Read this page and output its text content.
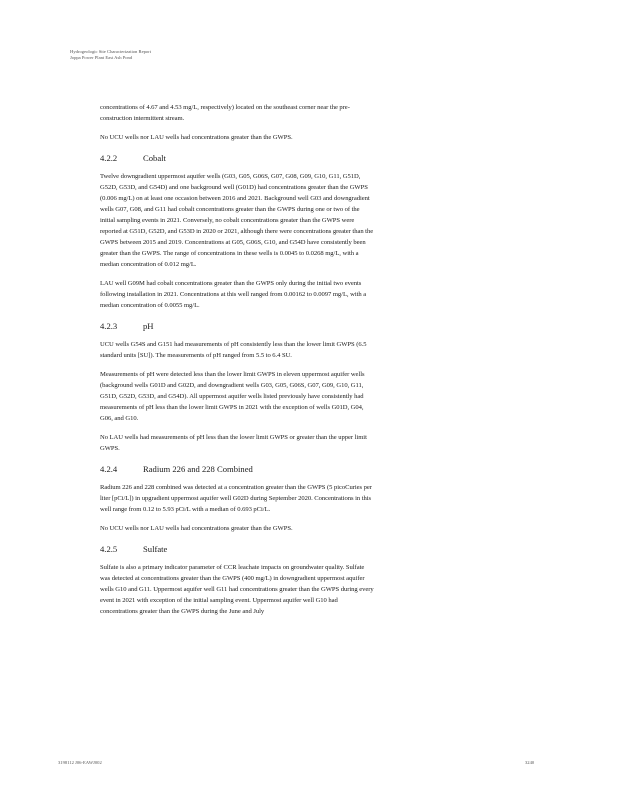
Hydrogeologic Site Characterization Report
Joppa Power Plant East Ash Pond

concentrations of 4.67 and 4.53 mg/L, respectively) located on the southeast corner near the pre-construction intermittent stream.

No UCU wells nor LAU wells had concentrations greater than the GWPS.

4.2.2	Cobalt

Twelve downgradient uppermost aquifer wells (G03, G05, G06S, G07, G08, G09, G10, G11, G51D, G52D, G53D, and G54D) and one background well (G01D) had concentrations greater than the GWPS (0.006 mg/L) on at least one occasion between 2016 and 2021. Background well G03 and downgradient wells G07, G08, and G11 had cobalt concentrations greater than the GWPS during one or two of the initial sampling events in 2021. Conversely, no cobalt concentrations greater than the GWPS were reported at G51D, G52D, and G53D in 2020 or 2021, although there were concentrations greater than the GWPS between 2015 and 2019. Concentrations at G05, G06S, G10, and G54D have consistently been greater than the GWPS. The range of concentrations in these wells is 0.0045 to 0.0268 mg/L, with a median concentration of 0.012 mg/L.

LAU well G09M had cobalt concentrations greater than the GWPS only during the initial two events following installation in 2021. Concentrations at this well ranged from 0.00162 to 0.0097 mg/L, with a median concentration of 0.0055 mg/L.

4.2.3	pH

UCU wells G54S and G151 had measurements of pH consistently less than the lower limit GWPS (6.5 standard units [SU]). The measurements of pH ranged from 5.5 to 6.4 SU.

Measurements of pH were detected less than the lower limit GWPS in eleven uppermost aquifer wells (background wells G01D and G02D, and downgradient wells G03, G05, G06S, G07, G09, G10, G11, G51D, G52D, G53D, and G54D). All uppermost aquifer wells listed previously have consistently had measurements of pH less than the lower limit GWPS in 2021 with the exception of wells G01D, G04, G06, and G10.

No LAU wells had measurements of pH less than the lower limit GWPS or greater than the upper limit GWPS.

4.2.4	Radium 226 and 228 Combined

Radium 226 and 228 combined was detected at a concentration greater than the GWPS (5 picoCuries per liter [pCi/L]) in upgradient uppermost aquifer well G02D during September 2020. Concentrations in this well range from 0.12 to 5.93 pCi/L with a median of 0.693 pCi/L.

No UCU wells nor LAU wells had concentrations greater than the GWPS.

4.2.5	Sulfate

Sulfate is also a primary indicator parameter of CCR leachate impacts on groundwater quality. Sulfate was detected at concentrations greater than the GWPS (400 mg/L) in downgradient uppermost aquifer wells G10 and G11. Uppermost aquifer well G11 had concentrations greater than the GWPS during every event in 2021 with exception of the initial sampling event. Uppermost aquifer well G10 had concentrations greater than the GWPS during the June and July

3198112 J06-EAWJ002	3240
